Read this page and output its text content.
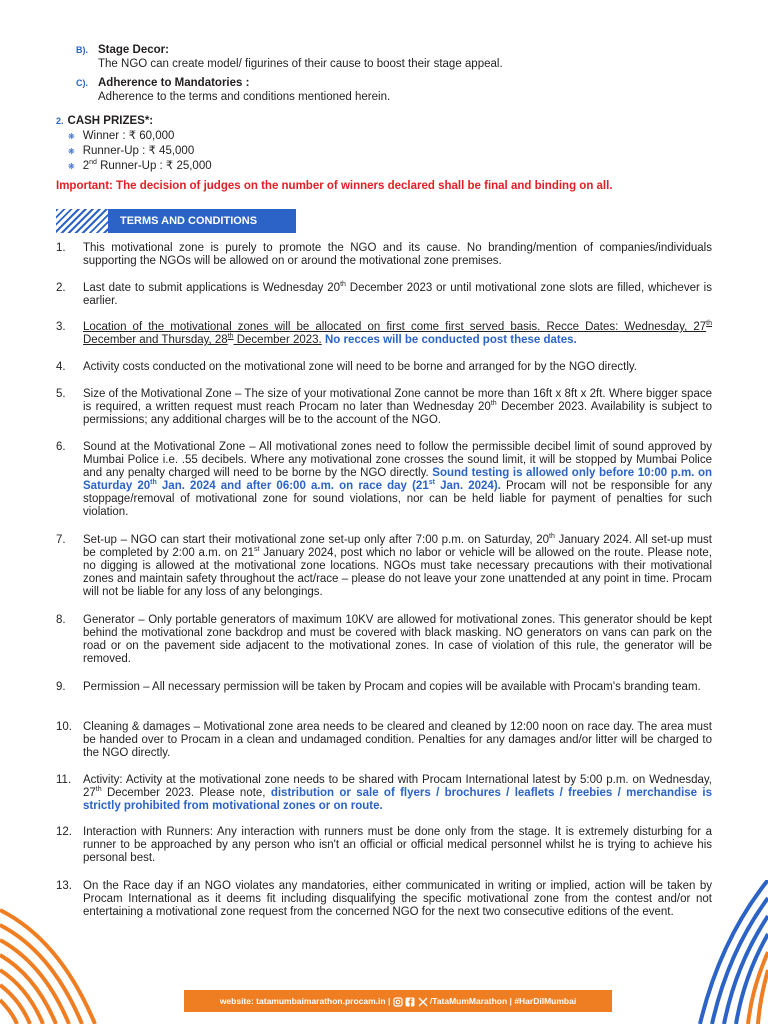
B). Stage Decor:
The NGO can create model/ figurines of their cause to boost their stage appeal.
C). Adherence to Mandatories :
Adherence to the terms and conditions mentioned herein.
2. CASH PRIZES*:
❋ Winner : ₹ 60,000
❋ Runner-Up : ₹ 45,000
❋ 2nd Runner-Up : ₹ 25,000
Important: The decision of judges on the number of winners declared shall be final and binding on all.
TERMS AND CONDITIONS
1. This motivational zone is purely to promote the NGO and its cause. No branding/mention of companies/individuals supporting the NGOs will be allowed on or around the motivational zone premises.
2. Last date to submit applications is Wednesday 20th December 2023 or until motivational zone slots are filled, whichever is earlier.
3. Location of the motivational zones will be allocated on first come first served basis. Recce Dates: Wednesday, 27th December and Thursday, 28th December 2023. No recces will be conducted post these dates.
4. Activity costs conducted on the motivational zone will need to be borne and arranged for by the NGO directly.
5. Size of the Motivational Zone – The size of your motivational Zone cannot be more than 16ft x 8ft x 2ft. Where bigger space is required, a written request must reach Procam no later than Wednesday 20th December 2023. Availability is subject to permissions; any additional charges will be to the account of the NGO.
6. Sound at the Motivational Zone – All motivational zones need to follow the permissible decibel limit of sound approved by Mumbai Police i.e. .55 decibels. Where any motivational zone crosses the sound limit, it will be stopped by Mumbai Police and any penalty charged will need to be borne by the NGO directly. Sound testing is allowed only before 10:00 p.m. on Saturday 20th Jan. 2024 and after 06:00 a.m. on race day (21st Jan. 2024). Procam will not be responsible for any stoppage/removal of motivational zone for sound violations, nor can be held liable for payment of penalties for such violation.
7. Set-up – NGO can start their motivational zone set-up only after 7:00 p.m. on Saturday, 20th January 2024. All set-up must be completed by 2:00 a.m. on 21st January 2024, post which no labor or vehicle will be allowed on the route. Please note, no digging is allowed at the motivational zone locations. NGOs must take necessary precautions with their motivational zones and maintain safety throughout the act/race – please do not leave your zone unattended at any point in time. Procam will not be liable for any loss of any belongings.
8. Generator – Only portable generators of maximum 10KV are allowed for motivational zones. This generator should be kept behind the motivational zone backdrop and must be covered with black masking. NO generators on vans can park on the road or on the pavement side adjacent to the motivational zones. In case of violation of this rule, the generator will be removed.
9. Permission – All necessary permission will be taken by Procam and copies will be available with Procam's branding team.
10. Cleaning & damages – Motivational zone area needs to be cleared and cleaned by 12:00 noon on race day. The area must be handed over to Procam in a clean and undamaged condition. Penalties for any damages and/or litter will be charged to the NGO directly.
11. Activity: Activity at the motivational zone needs to be shared with Procam International latest by 5:00 p.m. on Wednesday, 27th December 2023. Please note, distribution or sale of flyers / brochures / leaflets / freebies / merchandise is strictly prohibited from motivational zones or on route.
12. Interaction with Runners: Any interaction with runners must be done only from the stage. It is extremely disturbing for a runner to be approached by any person who isn't an official or official medical personnel whilst he is trying to achieve his personal best.
13. On the Race day if an NGO violates any mandatories, either communicated in writing or implied, action will be taken by Procam International as it deems fit including disqualifying the specific motivational zone from the contest and/or not entertaining a motivational zone request from the concerned NGO for the next two consecutive editions of the event.
website: tatamumbaimarathon.procam.in |	/TataMumMarathon | #HarDilMumbai
